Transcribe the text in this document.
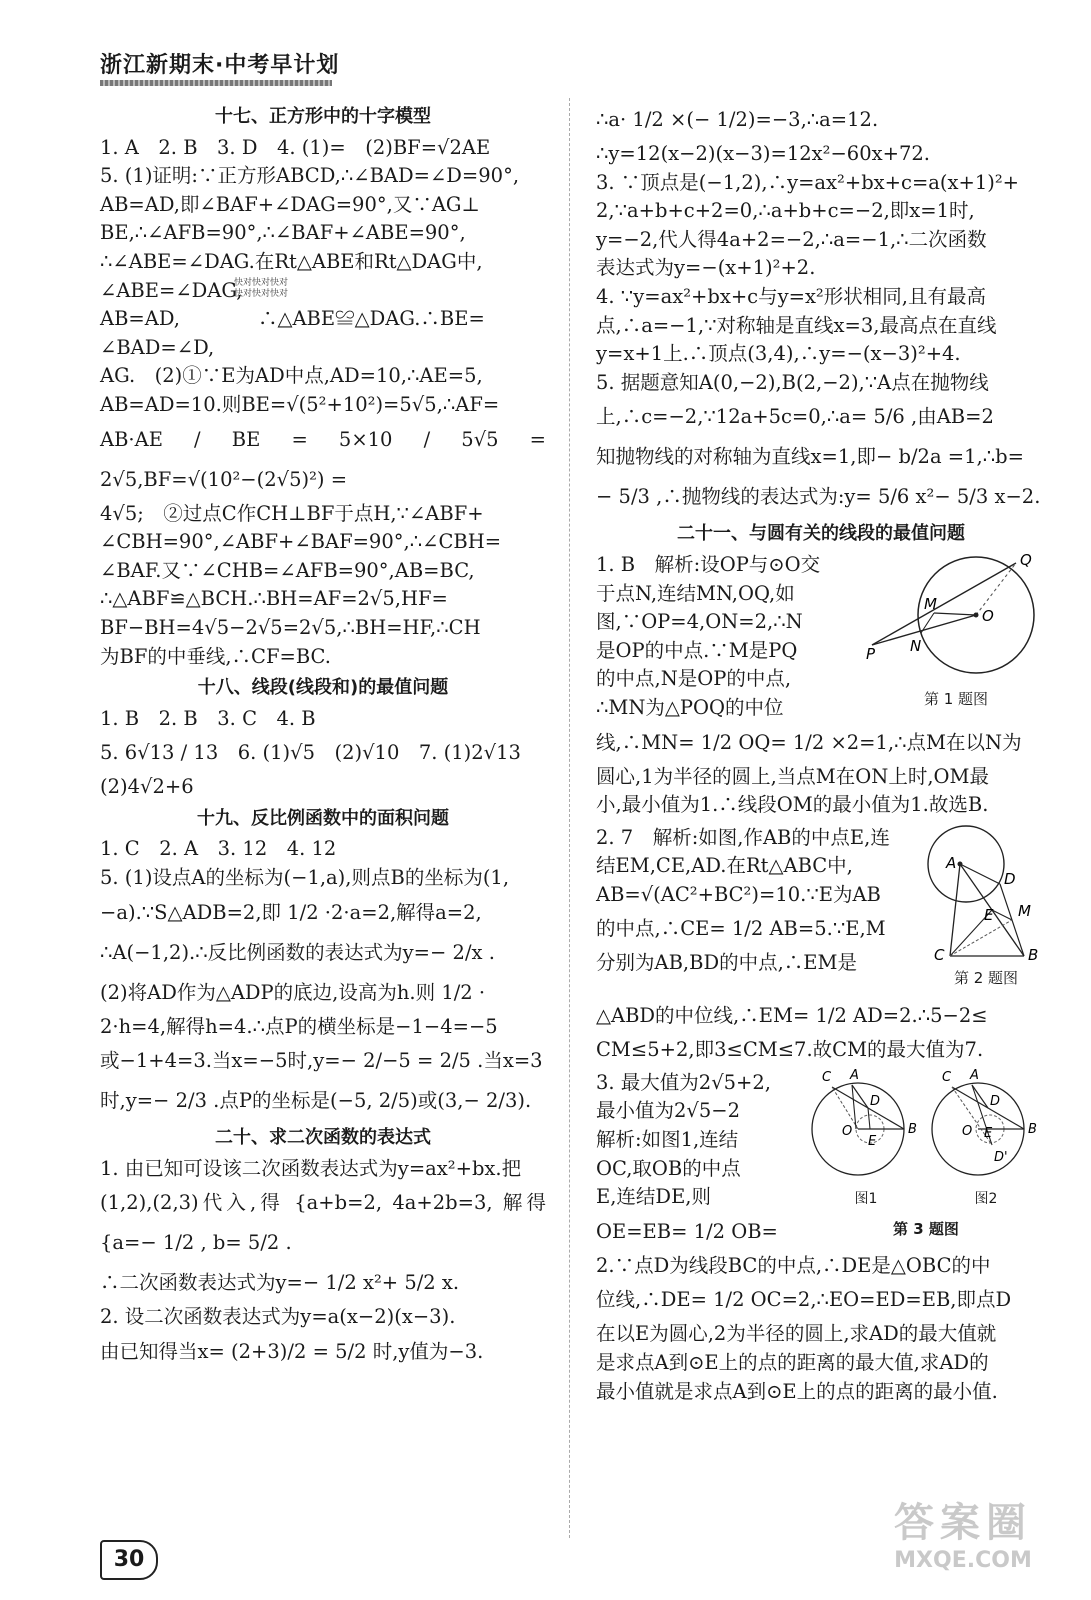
浙江新期末·中考早计划
快对快对快对
快对快对快对
十七、正方形中的十字模型

1. A　2. B　3. D　4. (1)=　(2)BF=√2AE

5. (1)证明:∵正方形ABCD,∴∠BAD=∠D=90°,

AB=AD,即∠BAF+∠DAG=90°,又∵AG⊥

BE,∴∠AFB=90°,∴∠BAF+∠ABE=90°,

∴∠ABE=∠DAG.在Rt△ABE和Rt△DAG中,

∠ABE=∠DAG,

AB=AD,　　　　∴△ABE≌△DAG.∴BE=

∠BAD=∠D,

AG.　(2)①∵E为AD中点,AD=10,∴AE=5,

AB=AD=10.则BE=√(5²+10²)=5√5,∴AF=

AB·AE / BE = 5×10 / 5√5 = 2√5,BF=√(10²−(2√5)²) =

4√5;　②过点C作CH⊥BF于点H,∵∠ABF+

∠CBH=90°,∠ABF+∠BAF=90°,∴∠CBH=

∠BAF.又∵∠CHB=∠AFB=90°,AB=BC,

∴△ABF≌△BCH.∴BH=AF=2√5,HF=

BF−BH=4√5−2√5=2√5,∴BH=HF,∴CH

为BF的中垂线,∴CF=BC.

十八、线段(线段和)的最值问题

1. B　2. B　3. C　4. B

5. 6√13 / 13　6. (1)√5　(2)√10　7. (1)2√13

(2)4√2+6

十九、反比例函数中的面积问题

1. C　2. A　3. 12　4. 12

5. (1)设点A的坐标为(−1,a),则点B的坐标为(1,

−a).∵S△ADB=2,即 1/2 ·2·a=2,解得a=2,

∴A(−1,2).∴反比例函数的表达式为y=− 2/x .

(2)将AD作为△ADP的底边,设高为h.则 1/2 ·

2·h=4,解得h=4.∴点P的横坐标是−1−4=−5

或−1+4=3.当x=−5时,y=− 2/−5 = 2/5 .当x=3

时,y=− 2/3 .点P的坐标是(−5, 2/5)或(3,− 2/3).

二十、求二次函数的表达式

1. 由已知可设该二次函数表达式为y=ax²+bx.把

(1,2),(2,3)代入,得 {a+b=2, 4a+2b=3, 解得 {a=− 1/2 , b= 5/2 .

∴二次函数表达式为y=− 1/2 x²+ 5/2 x.

2. 设二次函数表达式为y=a(x−2)(x−3).

由已知得当x= (2+3)/2 = 5/2 时,y值为−3.

∴a· 1/2 ×(− 1/2)=−3,∴a=12.

∴y=12(x−2)(x−3)=12x²−60x+72.

3. ∵顶点是(−1,2),∴y=ax²+bx+c=a(x+1)²+

2,∵a+b+c+2=0,∴a+b+c=−2,即x=1时,

y=−2,代人得4a+2=−2,∴a=−1,∴二次函数

表达式为y=−(x+1)²+2.

4. ∵y=ax²+bx+c与y=x²形状相同,且有最高

点,∴a=−1,∵对称轴是直线x=3,最高点在直线

y=x+1上.∴顶点(3,4),∴y=−(x−3)²+4.

5. 据题意知A(0,−2),B(2,−2),∵A点在抛物线

上,∴c=−2,∵12a+5c=0,∴a= 5/6 ,由AB=2

知抛物线的对称轴为直线x=1,即− b/2a =1,∴b=

− 5/3 ,∴抛物线的表达式为:y= 5/6 x²− 5/3 x−2.

二十一、与圆有关的线段的最值问题
Q
M
O
P N
第 1 题图

1. B　解析:设OP与⊙O交

于点N,连结MN,OQ,如

图,∵OP=4,ON=2,∴N

是OP的中点.∵M是PQ

的中点,N是OP的中点,

∴MN为△POQ的中位

线,∴MN= 1/2 OQ= 1/2 ×2=1,∴点M在以N为

圆心,1为半径的圆上,当点M在ON上时,OM最

小,最小值为1.∴线段OM的最小值为1.故选B.

A
D
E M
C	B
第 2 题图

2. 7　解析:如图,作AB的中点E,连

结EM,CE,AD.在Rt△ABC中,

AB=√(AC²+BC²)=10.∵E为AB

的中点,∴CE= 1/2 AB=5.∵E,M

分别为AB,BD的中点,∴EM是

△ABD的中位线,∴EM= 1/2 AD=2.∴5−2≤

CM≤5+2,即3≤CM≤7.故CM的最大值为7.

C A
D
O
E
B
C A
D
O E	B
D'
图1	图2
第 3 题图

3. 最大值为2√5+2,

最小值为2√5−2

解析:如图1,连结

OC,取OB的中点

E,连结DE,则

OE=EB= 1/2 OB=

2.∵点D为线段BC的中点,∴DE是△OBC的中

位线,∴DE= 1/2 OC=2,∴EO=ED=EB,即点D

在以E为圆心,2为半径的圆上,求AD的最大值就

是求点A到⊙E上的点的距离的最大值,求AD的

最小值就是求点A到⊙E上的点的距离的最小值.

30
答案圈
MXQE.COM
